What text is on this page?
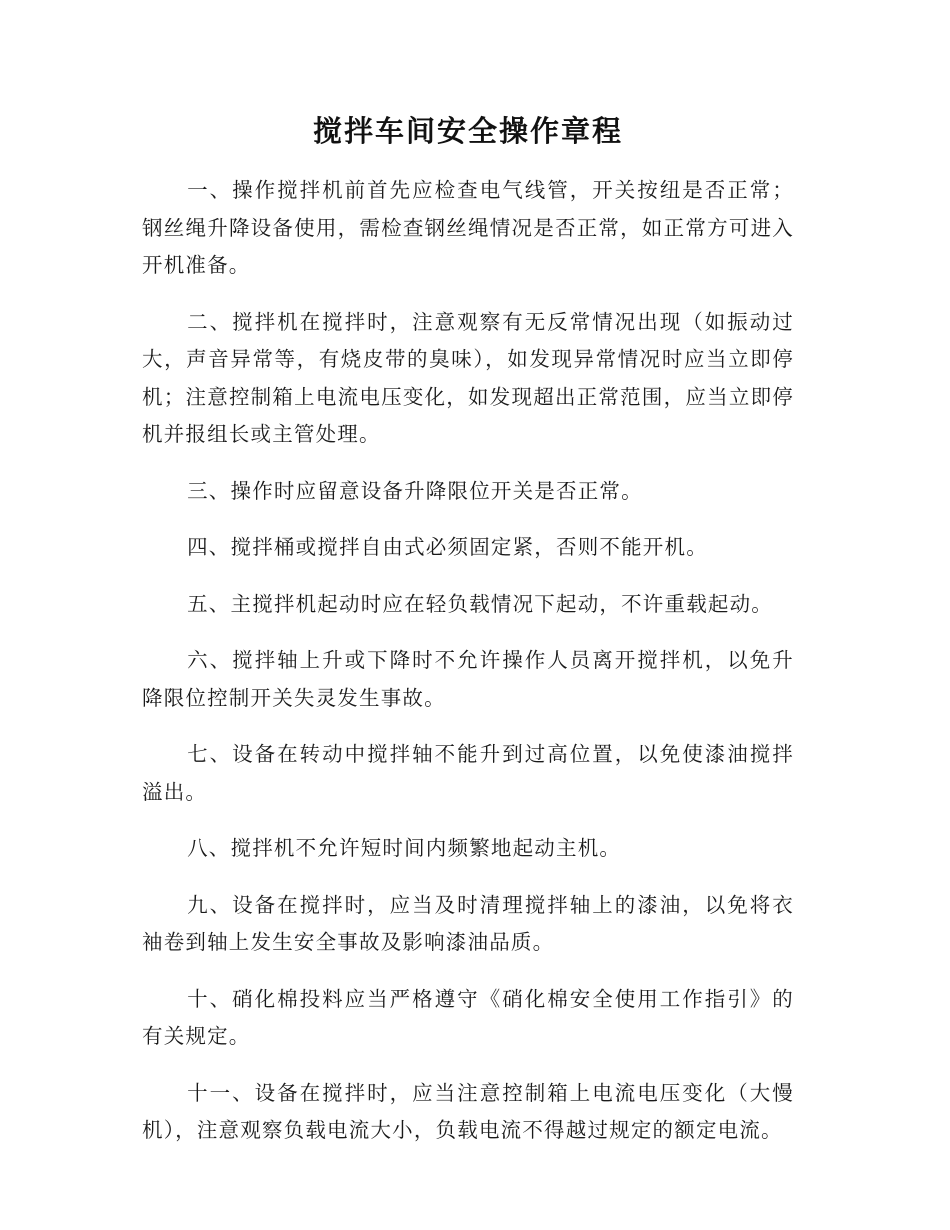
搅拌车间安全操作章程

一、操作搅拌机前首先应检查电气线管，开关按纽是否正常；钢丝绳升降设备使用，需检查钢丝绳情况是否正常，如正常方可进入开机准备。

二、搅拌机在搅拌时，注意观察有无反常情况出现（如振动过大，声音异常等，有烧皮带的臭味），如发现异常情况时应当立即停机；注意控制箱上电流电压变化，如发现超出正常范围，应当立即停机并报组长或主管处理。

三、操作时应留意设备升降限位开关是否正常。

四、搅拌桶或搅拌自由式必须固定紧，否则不能开机。

五、主搅拌机起动时应在轻负载情况下起动，不许重载起动。

六、搅拌轴上升或下降时不允许操作人员离开搅拌机，以免升降限位控制开关失灵发生事故。

七、设备在转动中搅拌轴不能升到过高位置，以免使漆油搅拌溢出。

八、搅拌机不允许短时间内频繁地起动主机。

九、设备在搅拌时，应当及时清理搅拌轴上的漆油，以免将衣袖卷到轴上发生安全事故及影响漆油品质。

十、硝化棉投料应当严格遵守《硝化棉安全使用工作指引》的有关规定。

十一、设备在搅拌时，应当注意控制箱上电流电压变化（大慢机），注意观察负载电流大小，负载电流不得越过规定的额定电流。
